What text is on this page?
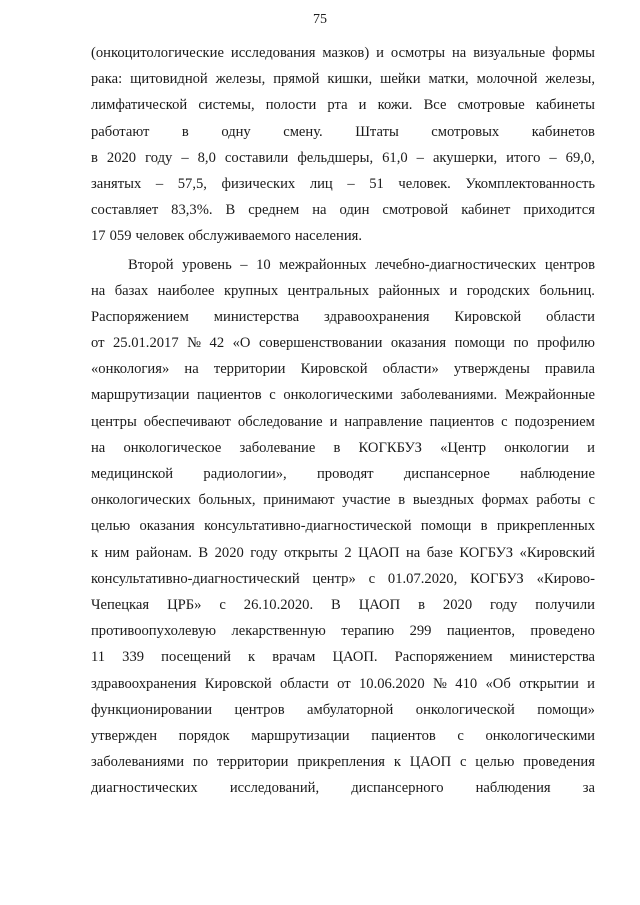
75
(онкоцитологические исследования мазков) и осмотры на визуальные формы
рака: щитовидной железы, прямой кишки, шейки матки, молочной железы,
лимфатической системы, полости рта и кожи. Все смотровые кабинеты
работают в одну смену. Штаты смотровых кабинетов
в 2020 году – 8,0 составили фельдшеры, 61,0 – акушерки, итого – 69,0,
занятых – 57,5, физических лиц – 51 человек. Укомплектованность
составляет 83,3%. В среднем на один смотровой кабинет приходится
17 059 человек обслуживаемого населения.
Второй уровень – 10 межрайонных лечебно-диагностических центров
на базах наиболее крупных центральных районных и городских больниц.
Распоряжением министерства здравоохранения Кировской области
от 25.01.2017 № 42 «О совершенствовании оказания помощи по профилю
«онкология» на территории Кировской области» утверждены правила
маршрутизации пациентов с онкологическими заболеваниями. Межрайонные
центры обеспечивают обследование и направление пациентов с подозрением
на онкологическое заболевание в КОГКБУЗ «Центр онкологии и
медицинской радиологии», проводят диспансерное наблюдение
онкологических больных, принимают участие в выездных формах работы с
целью оказания консультативно-диагностической помощи в прикрепленных
к ним районам. В 2020 году открыты 2 ЦАОП на базе КОГБУЗ «Кировский
консультативно-диагностический центр» с 01.07.2020, КОГБУЗ «Кирово-
Чепецкая ЦРБ» с 26.10.2020. В ЦАОП в 2020 году получили
противоопухолевую лекарственную терапию 299 пациентов, проведено
11 339 посещений к врачам ЦАОП. Распоряжением министерства
здравоохранения Кировской области от 10.06.2020 № 410 «Об открытии и
функционировании центров амбулаторной онкологической помощи»
утвержден порядок маршрутизации пациентов с онкологическими
заболеваниями по территории прикрепления к ЦАОП с целью проведения
диагностических исследований, диспансерного наблюдения за
